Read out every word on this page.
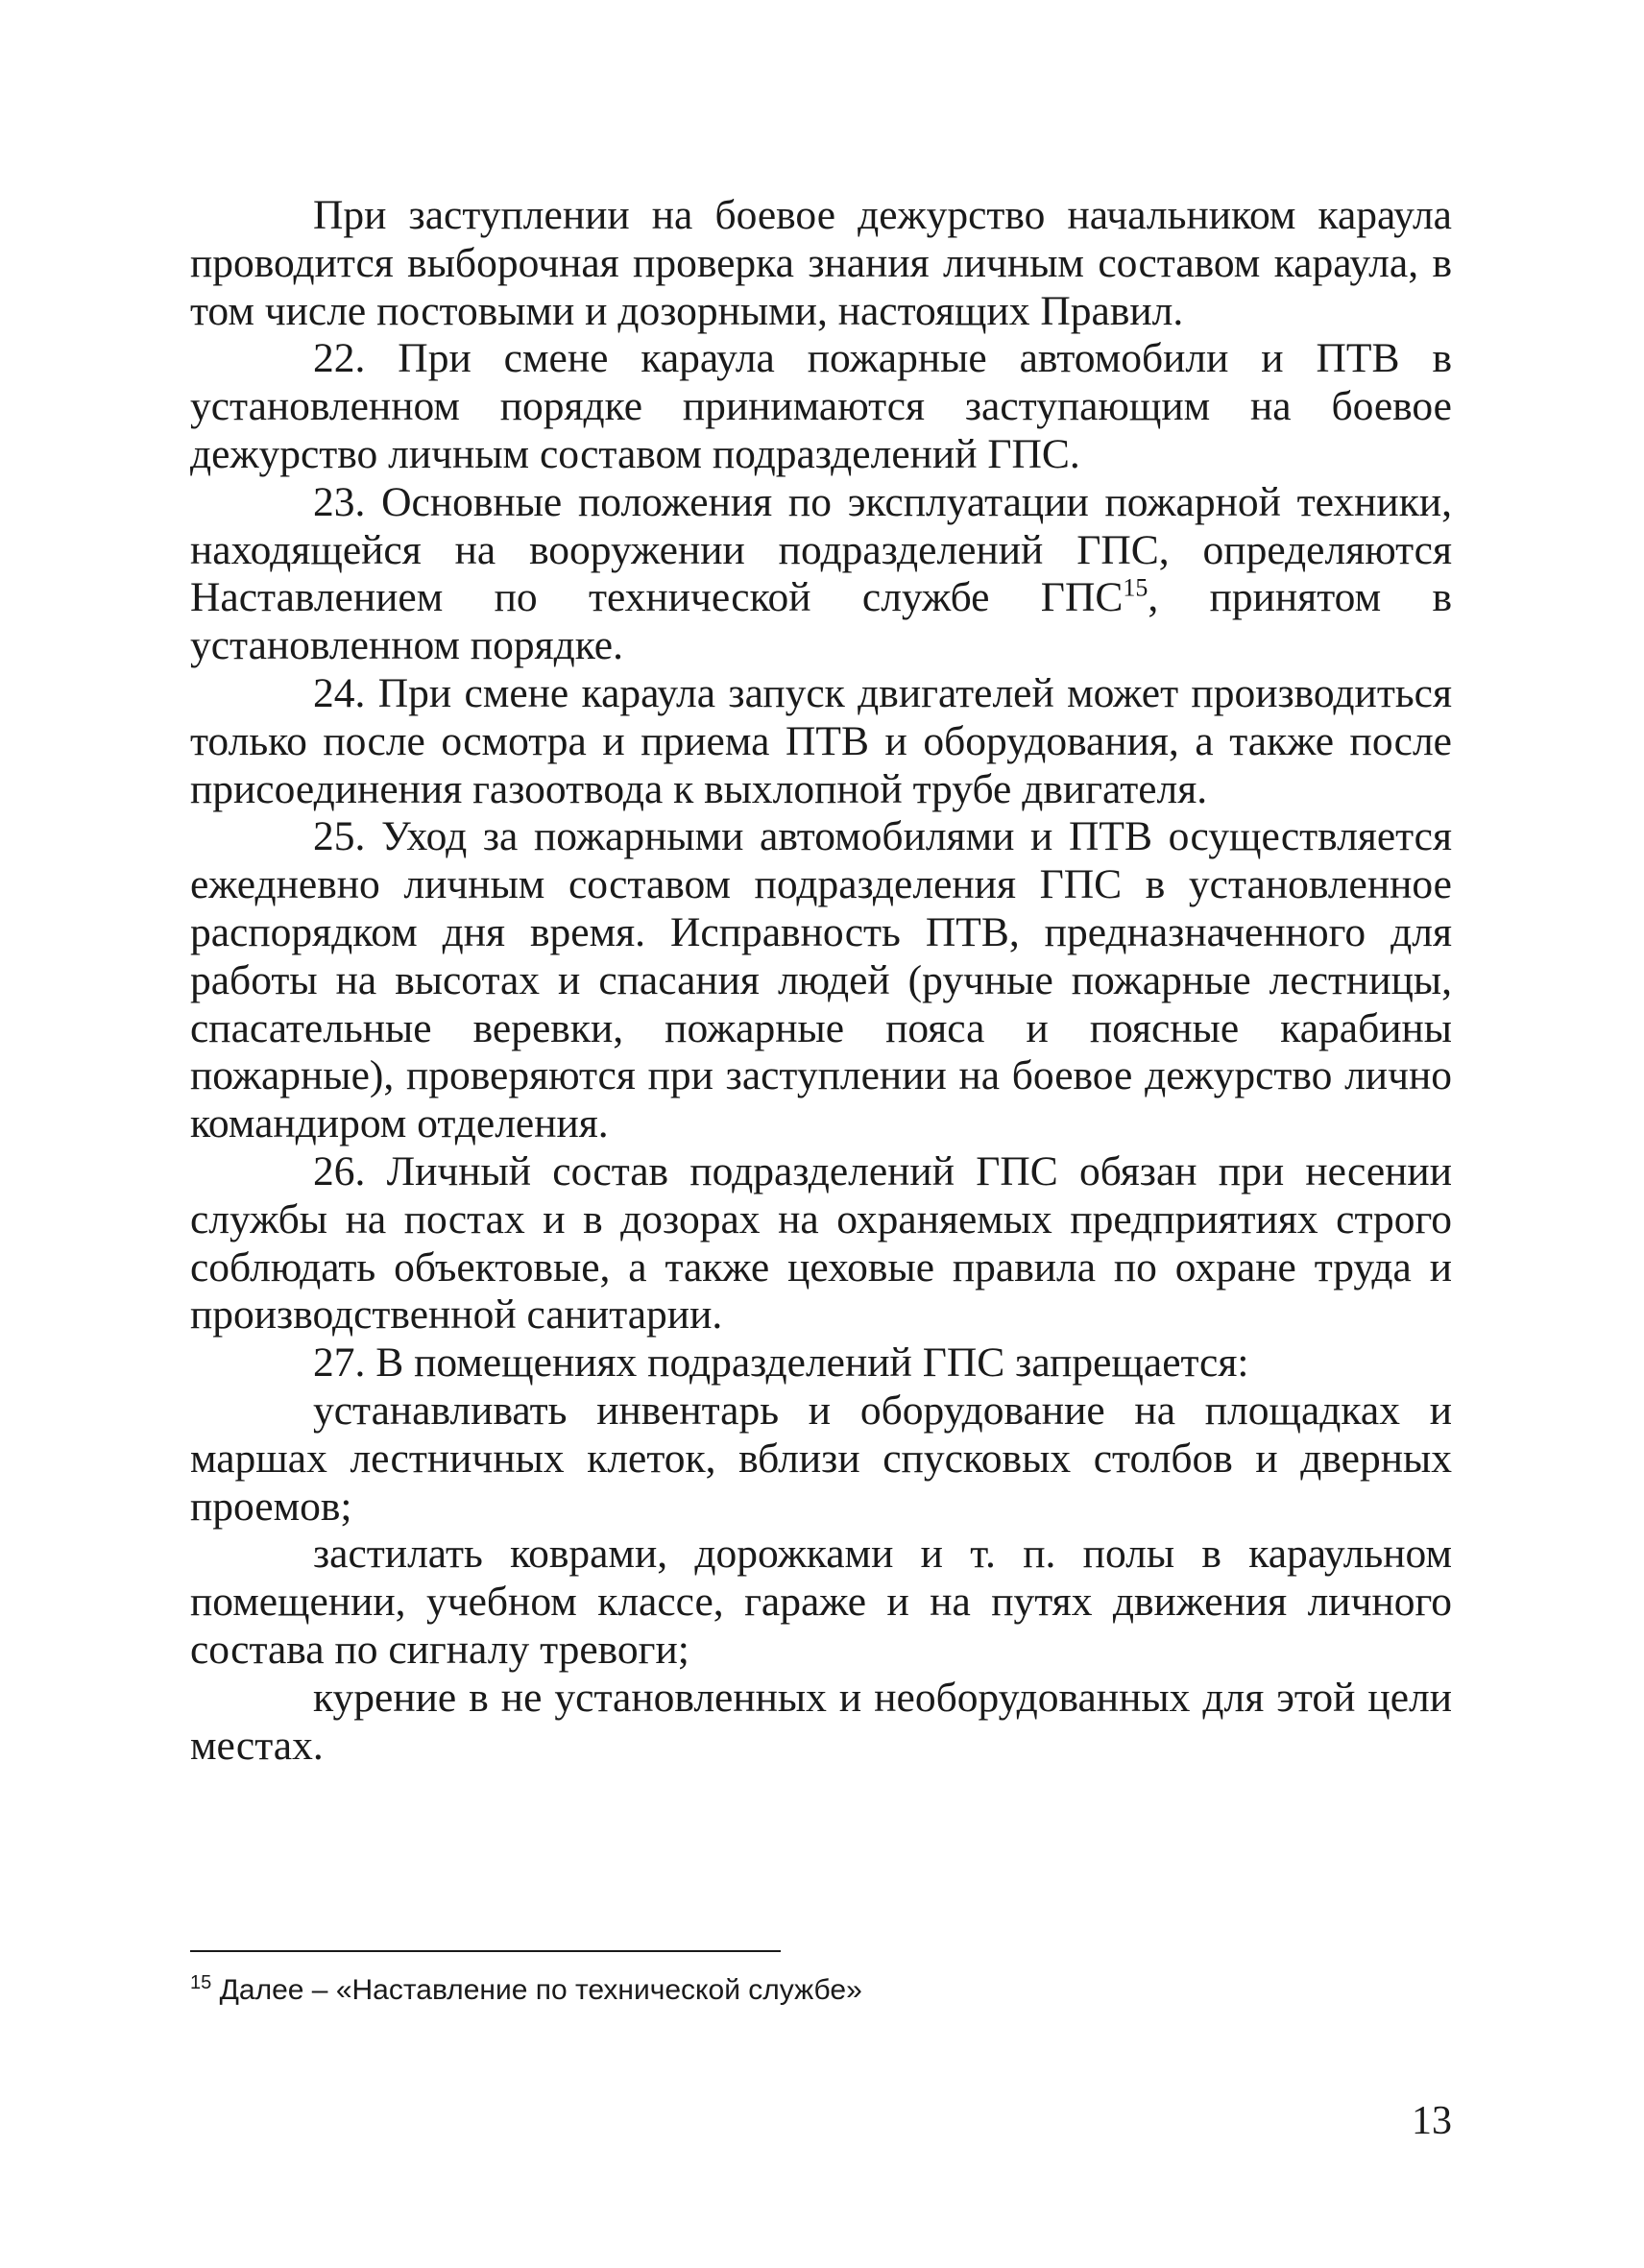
При заступлении на боевое дежурство начальником караула проводится выборочная проверка знания личным составом караула, в том числе постовыми и дозорными, настоящих Правил.

22. При смене караула пожарные автомобили и ПТВ в установленном порядке принимаются заступающим на боевое дежурство личным составом подразделений ГПС.

23. Основные положения по эксплуатации пожарной техники, находящейся на вооружении подразделений ГПС, определяются Наставлением по технической службе ГПС$^{15}$, принятом в установленном порядке.

24. При смене караула запуск двигателей может производиться только после осмотра и приема ПТВ и оборудования, а также после присоединения газоотвода к выхлопной трубе двигателя.

25. Уход за пожарными автомобилями и ПТВ осуществляется ежедневно личным составом подразделения ГПС в установленное распорядком дня время. Исправность ПТВ, предназначенного для работы на высотах и спасания людей (ручные пожарные лестницы, спасательные веревки, пожарные пояса и поясные карабины пожарные), проверяются при заступлении на боевое дежурство лично командиром отделения.

26. Личный состав подразделений ГПС обязан при несении службы на постах и в дозорах на охраняемых предприятиях строго соблюдать объектовые, а также цеховые правила по охране труда и производственной санитарии.

27. В помещениях подразделений ГПС запрещается:

устанавливать инвентарь и оборудование на площадках и маршах лестничных клеток, вблизи спусковых столбов и дверных проемов;

застилать коврами, дорожками и т. п. полы в караульном помещении, учебном классе, гараже и на путях движения личного состава по сигналу тревоги;

курение в не установленных и необорудованных для этой цели местах.

$^{15}$ Далее – «Наставление по технической службе»

13
